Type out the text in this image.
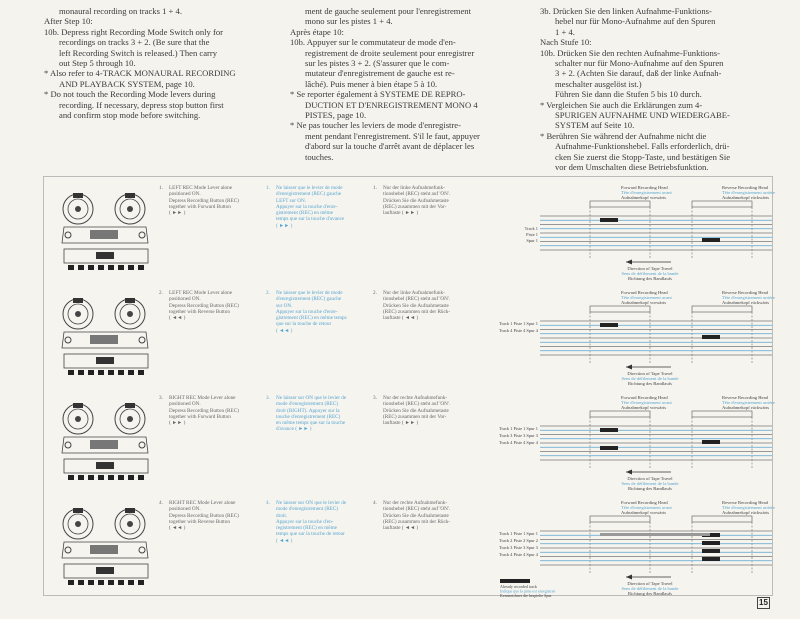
monaural recording on tracks 1 + 4.

After Step 10:

10b. Depress right Recording Mode Switch only for

recordings on tracks 3 + 2. (Be sure that the

left Recording Switch is released.) Then carry

out Step 5 through 10.

* Also refer to 4-TRACK MONAURAL RECORDING

AND PLAYBACK SYSTEM, page 10.

* Do not touch the Recording Mode levers during

recording. If necessary, depress stop button first

and confirm stop mode before switching.

ment de gauche seulement pour l'enregistrement

mono sur les pistes 1 + 4.

Après étape 10:

10b. Appuyer sur le commutateur de mode d'en-

registrement de droite seulement pour enregistrer

sur les pistes 3 + 2. (S'assurer que le com-

mutateur d'enregistrement de gauche est re-

lâché). Puis mener à bien étape 5 à 10.

* Se reporter également à SYSTEME DE REPRO-

DUCTION ET D'ENREGISTREMENT MONO 4

PISTES, page 10.

* Ne pas toucher les leviers de mode d'enregistre-

ment pendant l'enregistrement. S'il le faut, appuyer

d'abord sur la touche d'arrêt avant de déplacer les

touches.

3b. Drücken Sie den linken Aufnahme-Funktions-

hebel nur für Mono-Aufnahme auf den Spuren

1 + 4.

Nach Stufe 10:

10b. Drücken Sie den rechten Aufnahme-Funktions-

schalter nur für Mono-Aufnahme auf den Spuren

3 + 2. (Achten Sie darauf, daß der linke Aufnah-

meschalter ausgelöst ist.)

Führen Sie dann die Stufen 5 bis 10 durch.

* Vergleichen Sie auch die Erklärungen zum 4-

SPURIGEN AUFNAHME UND WIEDERGABE-

SYSTEM auf Seite 10.

* Berühren Sie während der Aufnahme nicht die

Aufnahme-Funktionshebel. Falls erforderlich, drü-

cken Sie zuerst die Stopp-Taste, und bestätigen Sie

vor dem Umschalten diese Betriebsfunktion.

1. LEFT REC Mode Lever alone
positioned ON.
Depress Recording Button (REC)
together with Forward Button
( ►► )
1. Ne laisser que le levier de mode
d'enregistrement (REC) gauche
LEFT sur ON.
Appuyer sur la touche d'enre-
gistrement (REC) en même
temps que sur la touche d'avance
( ►► )
1. Nur der linke Aufnahmefunk-
tionshebel (REC) steht auf 'ON'.
Drücken Sie die Aufnahmetaste
(REC) zusammen mit der Vor-
lauftaste ( ►► )
Forward Recording Head
Tête d'enregistrement avant
Aufnahmekopf vorwärts
Reverse Recording Head
Tête d'enregistrement arrière
Aufnahmekopf rückwärts
Track 1
Piste 1
Spur 1
Direction of Tape Travel
Sens de défilement de la bande
Richtung des Bandlaufs
2. LEFT REC Mode Lever alone
positioned ON.
Depress Recording Button (REC)
together with Reverse Button
( ◄◄ )
2. Ne laisser que le levier de mode
d'enregistrement (REC) gauche
sur ON.
Appuyer sur la touche d'enre-
gistrement (REC) en même temps
que sur la touche de retour
( ◄◄ )
2. Nur der linke Aufnahmefunk-
tionshebel (REC) steht auf 'ON'.
Drücken Sie die Aufnahmetaste
(REC) zusammen mit der Rück-
lauftaste ( ◄◄ )
Forward Recording Head
Tête d'enregistrement avant
Aufnahmekopf vorwärts
Reverse Recording Head
Tête d'enregistrement arrière
Aufnahmekopf rückwärts
Track 1 Piste 1 Spur 1
Track 4 Piste 4 Spur 4
Direction of Tape Travel
Sens de défilement de la bande
Richtung des Bandlaufs
3. RIGHT REC Mode Lever alone
positioned ON.
Depress Recording Button (REC)
together with Forward Button
( ►► )
3. Ne laisser sur ON que le levier de
mode d'enregistrement (REC)
droit (RIGHT). Appuyer sur la
touche d'enregistrement (REC)
en même temps que sur la touche
d'avance ( ►► )
3. Nur der rechte Aufnahmefunk-
tionshebel (REC) steht auf 'ON'.
Drücken Sie die Aufnahmetaste
(REC) zusammen mit der Vor-
lauftaste ( ►► )
Forward Recording Head
Tête d'enregistrement avant
Aufnahmekopf vorwärts
Reverse Recording Head
Tête d'enregistrement arrière
Aufnahmekopf rückwärts
Track 1 Piste 1 Spur 1
Track 3 Piste 3 Spur 3
Track 4 Piste 4 Spur 4
Direction of Tape Travel
Sens de défilement de la bande
Richtung des Bandlaufs
4. RIGHT REC Mode Lever alone
positioned ON.
Depress Recording Button (REC)
together with Reverse Button
( ◄◄ )
4. Ne laisser sur ON que le levier de
mode d'enregistrement (REC)
droit.
Appuyer sur la touche d'en-
registrement (REC) en même
temps que sur la touche de retour
( ◄◄ )
4. Nur der rechte Aufnahmefunk-
tionshebel (REC) steht auf 'ON'.
Drücken Sie die Aufnahmetaste
(REC) zusammen mit der Rück-
lauftaste ( ◄◄ )
Forward Recording Head
Tête d'enregistrement avant
Aufnahmekopf vorwärts
Reverse Recording Head
Tête d'enregistrement arrière
Aufnahmekopf rückwärts
Track 1 Piste 1 Spur 1
Track 2 Piste 2 Spur 2
Track 3 Piste 3 Spur 3
Track 4 Piste 4 Spur 4
Direction of Tape Travel
Sens de défilement de la bande
Richtung des Bandlaufs
Already recorded track
Indique que la piste est enregistrée
Kennzeichnet die bespielte Spur
15
